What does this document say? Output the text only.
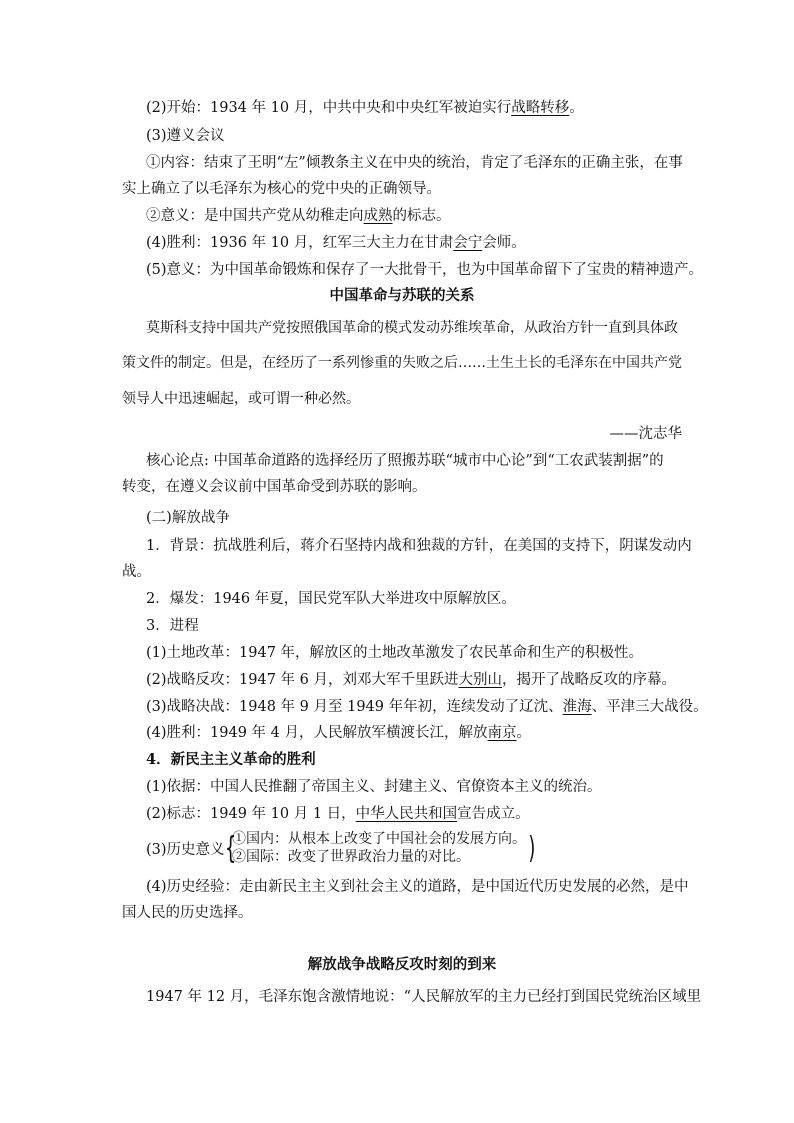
(2)开始：1934 年 10 月，中共中央和中央红军被迫实行战略转移。
(3)遵义会议
①内容：结束了王明“左”倾教条主义在中央的统治，肯定了毛泽东的正确主张，在事
实上确立了以毛泽东为核心的党中央的正确领导。
②意义：是中国共产党从幼稚走向成熟的标志。
(4)胜利：1936 年 10 月，红军三大主力在甘肃会宁会师。
(5)意义：为中国革命锻炼和保存了一大批骨干，也为中国革命留下了宝贵的精神遗产。
中国革命与苏联的关系
莫斯科支持中国共产党按照俄国革命的模式发动苏维埃革命，从政治方针一直到具体政
策文件的制定。但是，在经历了一系列惨重的失败之后……土生土长的毛泽东在中国共产党
领导人中迅速崛起，或可谓一种必然。
——沈志华
核心论点: 中国革命道路的选择经历了照搬苏联“城市中心论”到“工农武装割据”的
转变，在遵义会议前中国革命受到苏联的影响。
(二)解放战争
1．背景：抗战胜利后，蒋介石坚持内战和独裁的方针，在美国的支持下，阴谋发动内
战。
2．爆发：1946 年夏，国民党军队大举进攻中原解放区。
3．进程
(1)土地改革：1947 年，解放区的土地改革激发了农民革命和生产的积极性。
(2)战略反攻：1947 年 6 月，刘邓大军千里跃进大别山，揭开了战略反攻的序幕。
(3)战略决战：1948 年 9 月至 1949 年年初，连续发动了辽沈、淮海、平津三大战役。
(4)胜利：1949 年 4 月，人民解放军横渡长江，解放南京。
4．新民主主义革命的胜利
(1)依据：中国人民推翻了帝国主义、封建主义、官僚资本主义的统治。
(2)标志：1949 年 10 月 1 日，中华人民共和国宣告成立。
(3)历史意义 {
①国内：从根本上改变了中国社会的发展方向。
②国际：改变了世界政治力量的对比。 )
(4)历史经验：走由新民主主义到社会主义的道路，是中国近代历史发展的必然，是中
国人民的历史选择。
解放战争战略反攻时刻的到来
1947 年 12 月，毛泽东饱含激情地说：“人民解放军的主力已经打到国民党统治区域里
